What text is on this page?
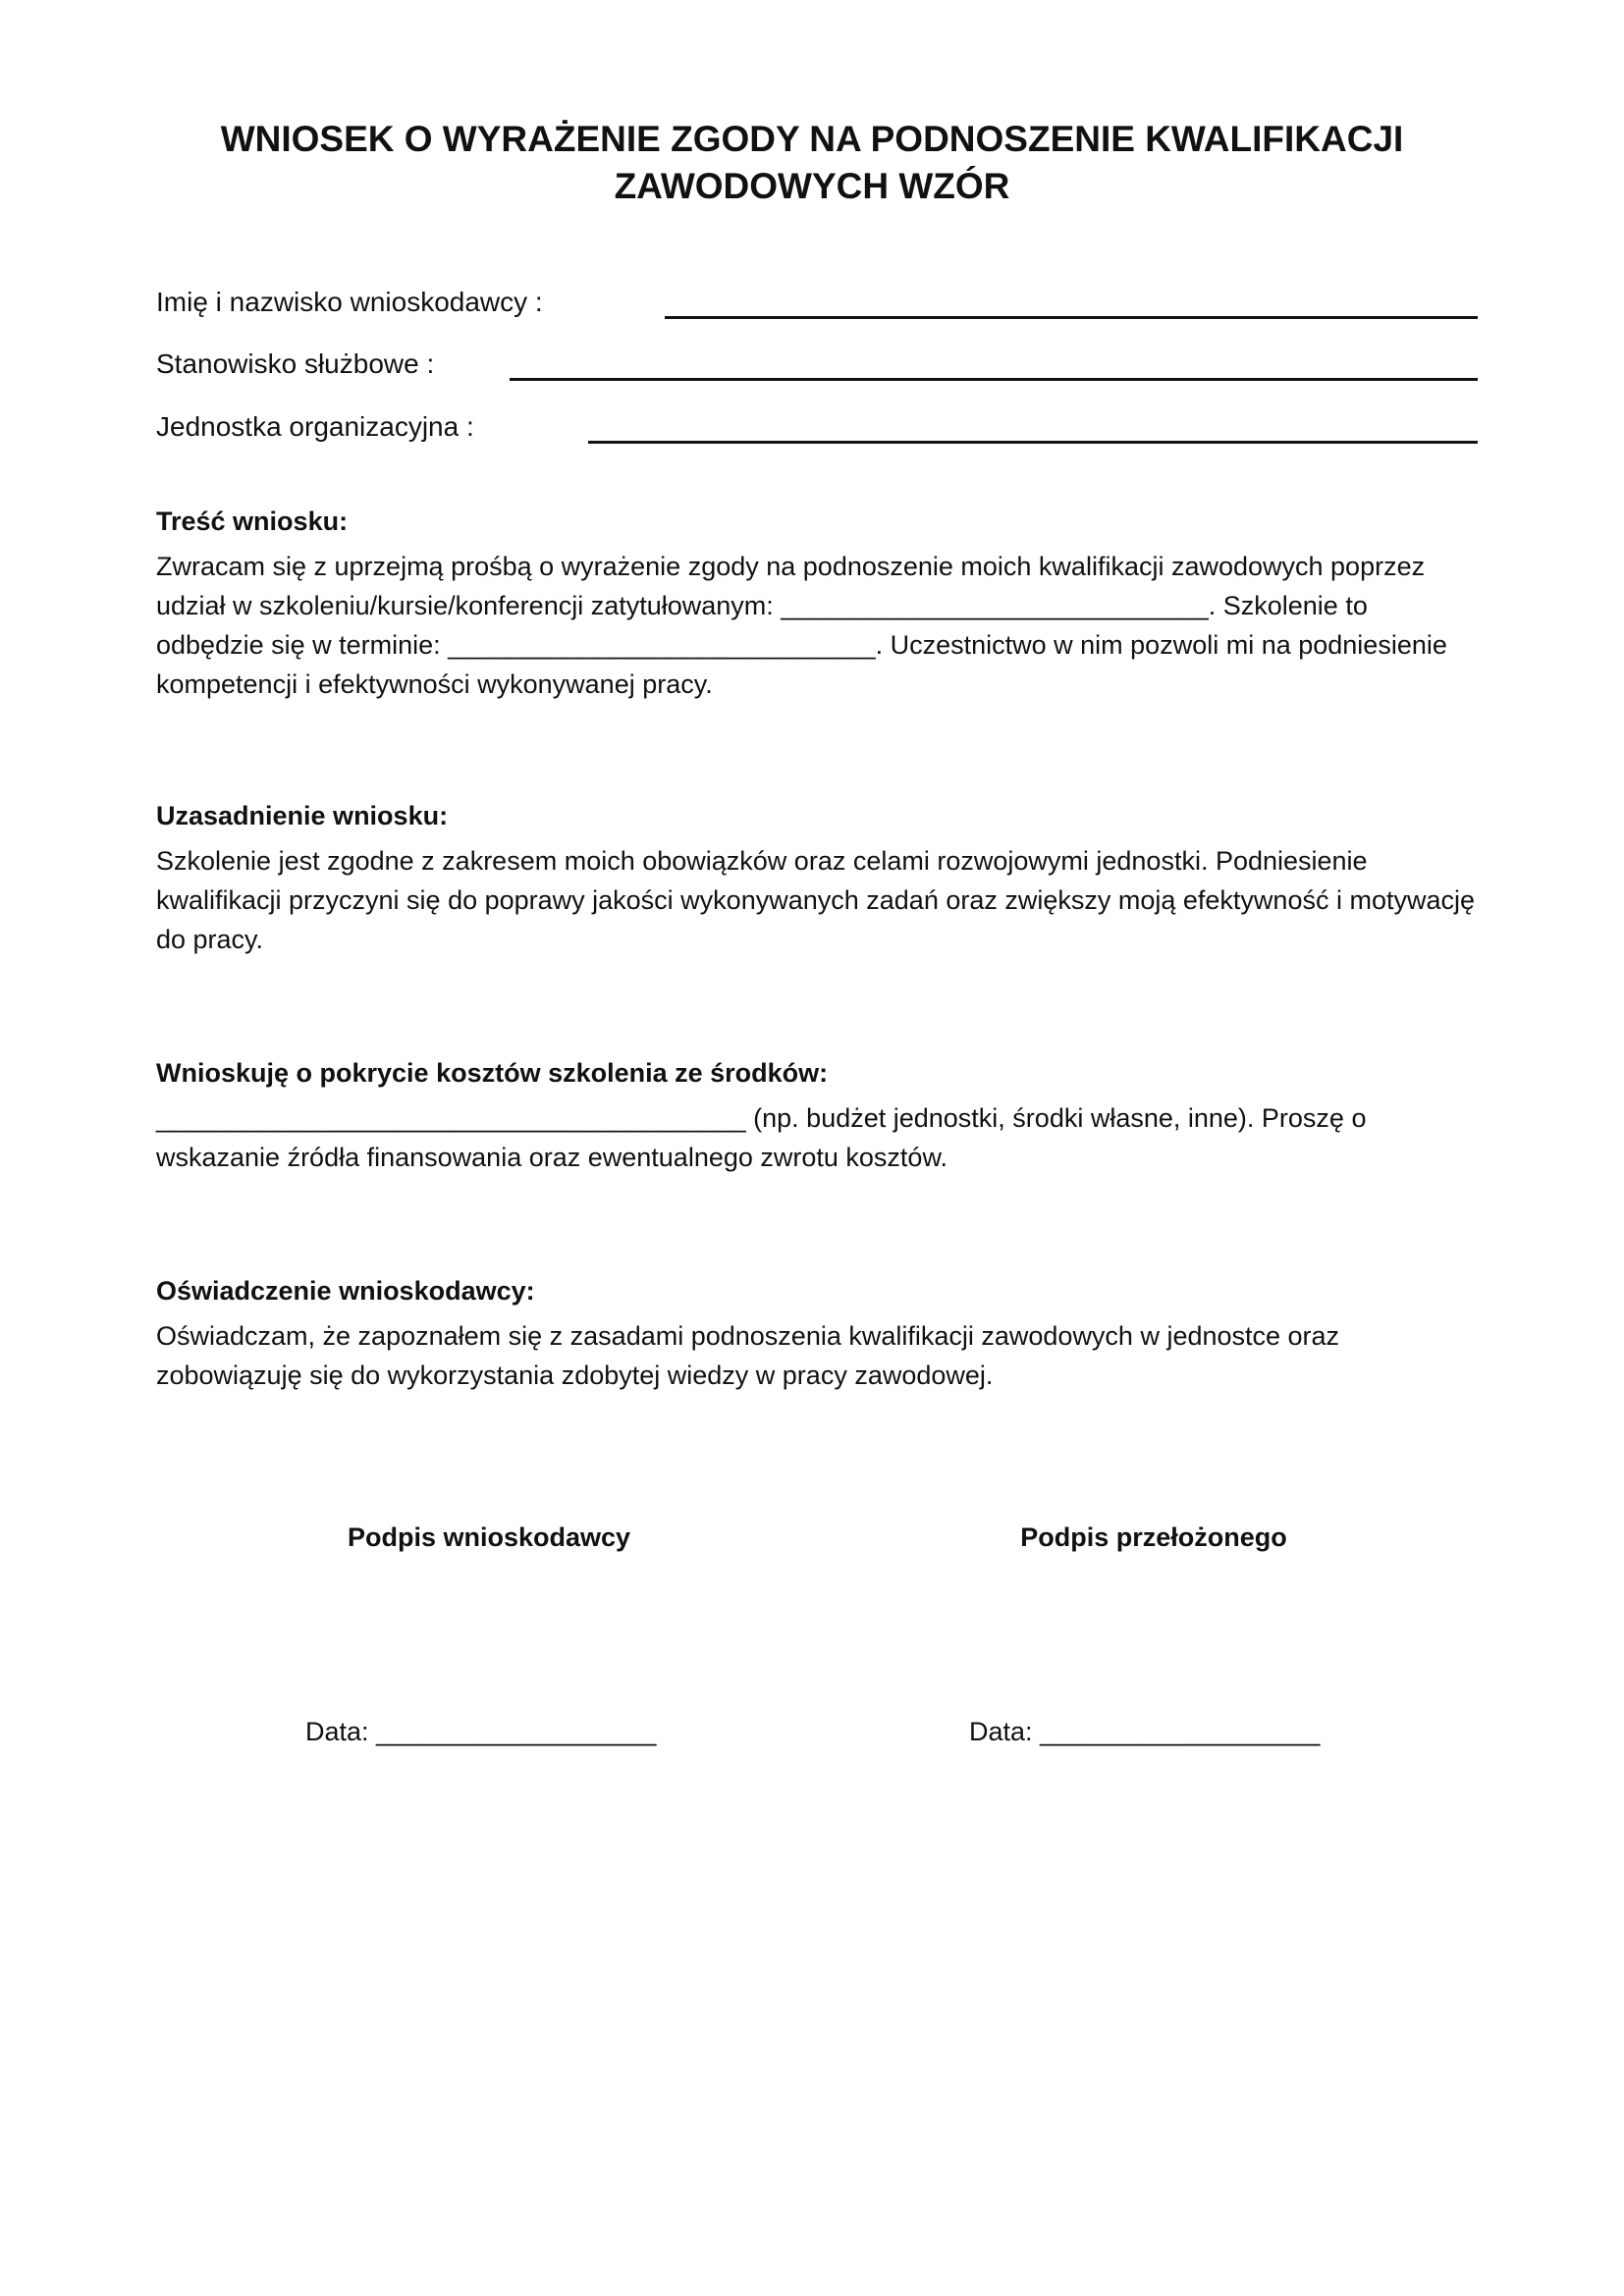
WNIOSEK O WYRAŻENIE ZGODY NA PODNOSZENIE KWALIFIKACJI
ZAWODOWYCH WZÓR
Imię i nazwisko wnioskodawcy :
Stanowisko służbowe :
Jednostka organizacyjna :

Treść wniosku:

Zwracam się z uprzejmą prośbą o wyrażenie zgody na podnoszenie moich kwalifikacji zawodowych poprzez udział w szkoleniu/kursie/konferencji zatytułowanym: _____________________________. Szkolenie to odbędzie się w terminie: _____________________________. Uczestnictwo w nim pozwoli mi na podniesienie kompetencji i efektywności wykonywanej pracy.

Uzasadnienie wniosku:

Szkolenie jest zgodne z zakresem moich obowiązków oraz celami rozwojowymi jednostki. Podniesienie kwalifikacji przyczyni się do poprawy jakości wykonywanych zadań oraz zwiększy moją efektywność i motywację do pracy.

Wnioskuję o pokrycie kosztów szkolenia ze środków:

________________________________________ (np. budżet jednostki, środki własne, inne). Proszę o wskazanie źródła finansowania oraz ewentualnego zwrotu kosztów.

Oświadczenie wnioskodawcy:

Oświadczam, że zapoznałem się z zasadami podnoszenia kwalifikacji zawodowych w jednostce oraz zobowiązuję się do wykorzystania zdobytej wiedzy w pracy zawodowej.

Podpis wnioskodawcy	Podpis przełożonego
Data: ___________________	Data: ___________________
